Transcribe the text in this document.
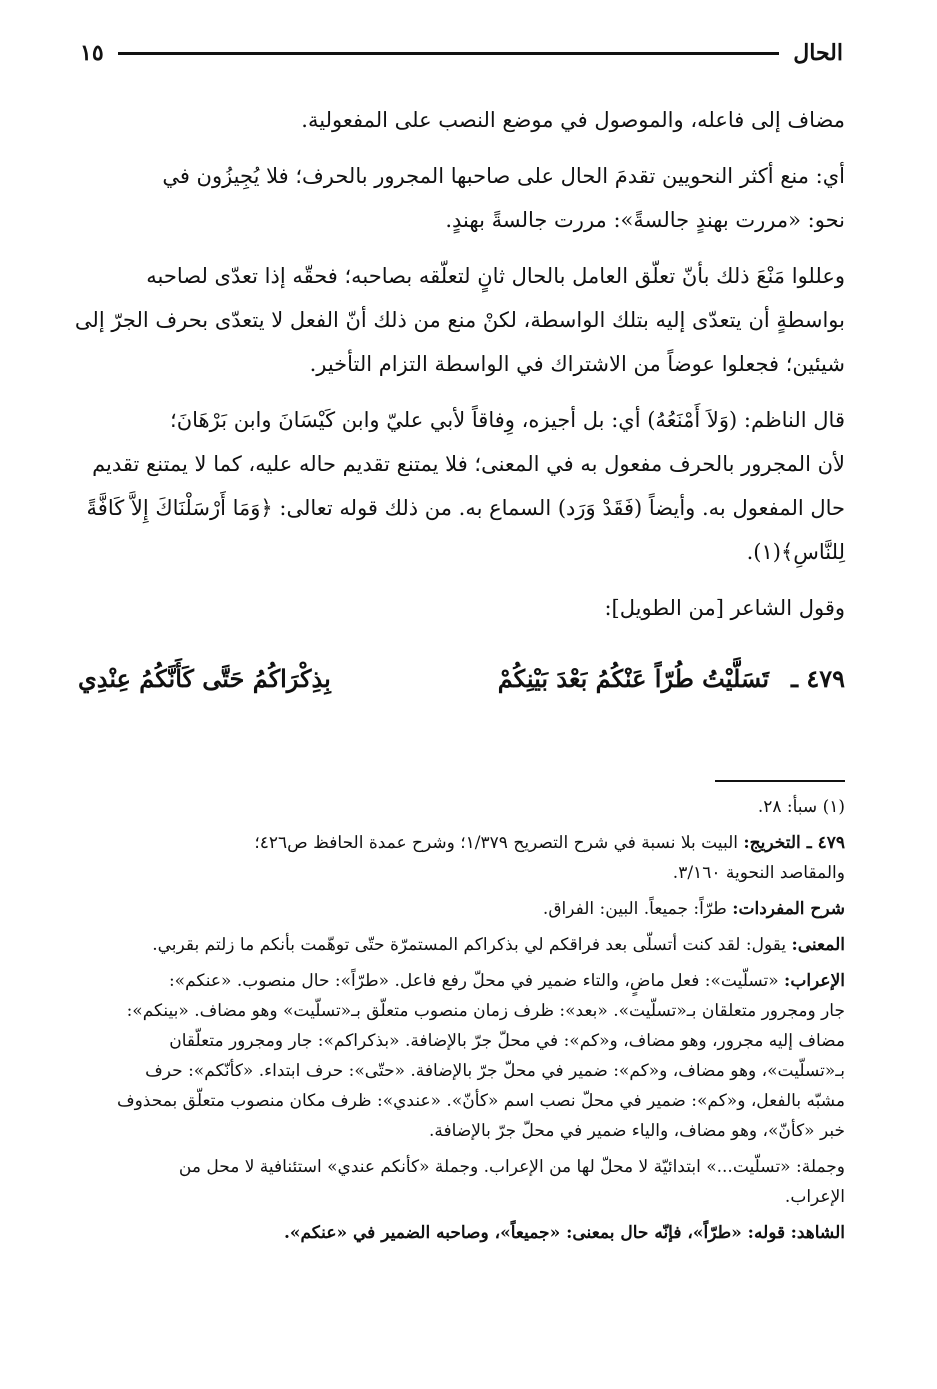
الحال
١٥

مضاف إلى فاعله، والموصول في موضع النصب على المفعولية.

أي: منع أكثر النحويين تقدمَ الحال على صاحبها المجرور بالحرف؛ فلا يُجِيزُون في

نحو: «مررت بهندٍ جالسةً»: مررت جالسةً بهندٍ.

وعللوا مَنْعَ ذلك بأنّ تعلّق العامل بالحال ثانٍ لتعلّقه بصاحبه؛ فحقّه إذا تعدّى لصاحبه

بواسطةٍ أن يتعدّى إليه بتلك الواسطة، لكنْ منع من ذلك أنّ الفعل لا يتعدّى بحرف الجرّ إلى

شيئين؛ فجعلوا عوضاً من الاشتراك في الواسطة التزام التأخير.

قال الناظم: (وَلاَ أَمْنَعُهُ) أي: بل أجيزه، وِفاقاً لأبي عليّ وابن كَيْسَانَ وابن بَرْهَانَ؛

لأن المجرور بالحرف مفعول به في المعنى؛ فلا يمتنع تقديم حاله عليه، كما لا يمتنع تقديم

حال المفعول به. وأيضاً (فَقَدْ وَرَد) السماع به. من ذلك قوله تعالى: ﴿وَمَا أَرْسَلْنَاكَ إِلاَّ كَافَّةً

لِلنَّاسِ﴾(١).

وقول الشاعر [من الطويل]:

٤٧٩ ـ
تَسَلَّيْتُ طُرّاً عَنْكُمُ بَعْدَ بَيْنِكُمْ
بِذِكْرَاكُمُ حَتَّى كَأَنَّكُمُ عِنْدِي

(١) سبأ: ٢٨.

٤٧٩ ـ التخريج: البيت بلا نسبة في شرح التصريح ١/٣٧٩؛ وشرح عمدة الحافظ ص٤٢٦؛

والمقاصد النحوية ٣/١٦٠.

شرح المفردات: طرّاً: جميعاً. البين: الفراق.

المعنى: يقول: لقد كنت أتسلّى بعد فراقكم لي بذكراكم المستمرّة حتّى توهّمت بأنكم ما زلتم بقربي.

الإعراب: «تسلّيت»: فعل ماضٍ، والتاء ضمير في محلّ رفع فاعل. «طرّاً»: حال منصوب. «عنكم»:

جار ومجرور متعلقان بـ«تسلّيت». «بعد»: ظرف زمان منصوب متعلّق بـ«تسلّيت» وهو مضاف. «بينكم»:

مضاف إليه مجرور، وهو مضاف، و«كم»: في محلّ جرّ بالإضافة. «بذكراكم»: جار ومجرور متعلّقان

بـ«تسلّيت»، وهو مضاف، و«كم»: ضمير في محلّ جرّ بالإضافة. «حتّى»: حرف ابتداء. «كأنّكم»: حرف

مشبّه بالفعل، و«كم»: ضمير في محلّ نصب اسم «كأنّ». «عندي»: ظرف مكان منصوب متعلّق بمحذوف

خبر «كأنّ»، وهو مضاف، والياء ضمير في محلّ جرّ بالإضافة.

وجملة: «تسلّيت...» ابتدائيّة لا محلّ لها من الإعراب. وجملة «كأنكم عندي» استئنافية لا محل من

الإعراب.

الشاهد: قوله: «طرّاً»، فإنّه حال بمعنى: «جميعاً»، وصاحبه الضمير في «عنكم».
